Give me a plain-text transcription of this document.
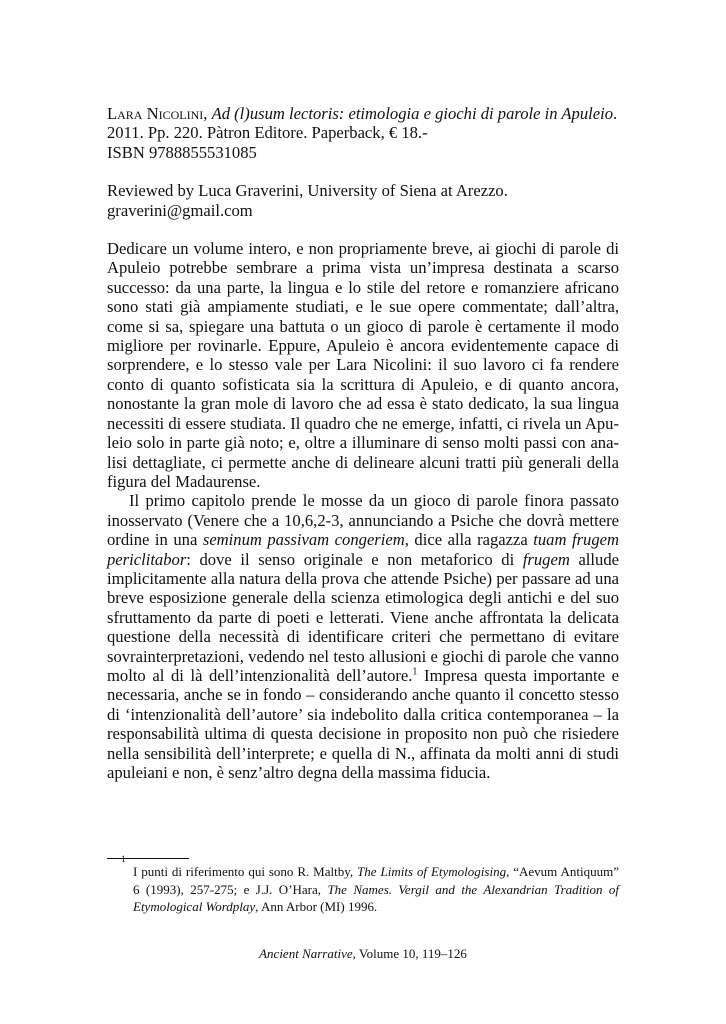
Lara Nicolini, Ad (l)usum lectoris: etimologia e giochi di parole in Apuleio.

2011. Pp. 220. Pàtron Editore. Paperback, € 18.-

ISBN 9788855531085

Reviewed by Luca Graverini, University of Siena at Arezzo.

graverini@gmail.com

Dedicare un volume intero, e non propriamente breve, ai giochi di parole di Apuleio potrebbe sembrare a prima vista un’impresa destinata a scarso successo: da una parte, la lingua e lo stile del retore e romanziere africano sono stati già ampiamente studiati, e le sue opere commentate; dall’altra, come si sa, spiegare una battuta o un gioco di parole è certamente il modo migliore per rovinarle. Eppure, Apuleio è ancora evidentemente capace di sorprendere, e lo stesso vale per Lara Nicolini: il suo lavoro ci fa rendere conto di quanto sofisticata sia la scrittura di Apuleio, e di quanto ancora, nonostante la gran mole di lavoro che ad essa è stato dedicato, la sua lingua necessiti di essere studiata. Il quadro che ne emerge, infatti, ci rivela un Apuleio solo in parte già noto; e, oltre a illuminare di senso molti passi con analisi dettagliate, ci permette anche di delineare alcuni tratti più generali della figura del Madaurense.

Il primo capitolo prende le mosse da un gioco di parole finora passato inosservato (Venere che a 10,6,2-3, annunciando a Psiche che dovrà mettere ordine in una seminum passivam congeriem, dice alla ragazza tuam frugem periclitabor: dove il senso originale e non metaforico di frugem allude implicitamente alla natura della prova che attende Psiche) per passare ad una breve esposizione generale della scienza etimologica degli antichi e del suo sfruttamento da parte di poeti e letterati. Viene anche affrontata la delicata questione della necessità di identificare criteri che permettano di evitare sovrainterpretazioni, vedendo nel testo allusioni e giochi di parole che vanno molto al di là dell’intenzionalità dell’autore.$^1$ Impresa questa importante e necessaria, anche se in fondo – considerando anche quanto il concetto stesso di ‘intenzionalità dell’autore’ sia indebolito dalla critica contemporanea – la responsabilità ultima di questa decisione in proposito non può che risiedere nella sensibilità dell’interprete; e quella di N., affinata da molti anni di studi apuleiani e non, è senz’altro degna della massima fiducia.

1
I punti di riferimento qui sono R. Maltby, The Limits of Etymologising, “Aevum Antiquum” 6 (1993), 257-275; e J.J. O’Hara, The Names. Vergil and the Alexandrian Tradition of Etymological Wordplay, Ann Arbor (MI) 1996.
Ancient Narrative, Volume 10, 119–126
